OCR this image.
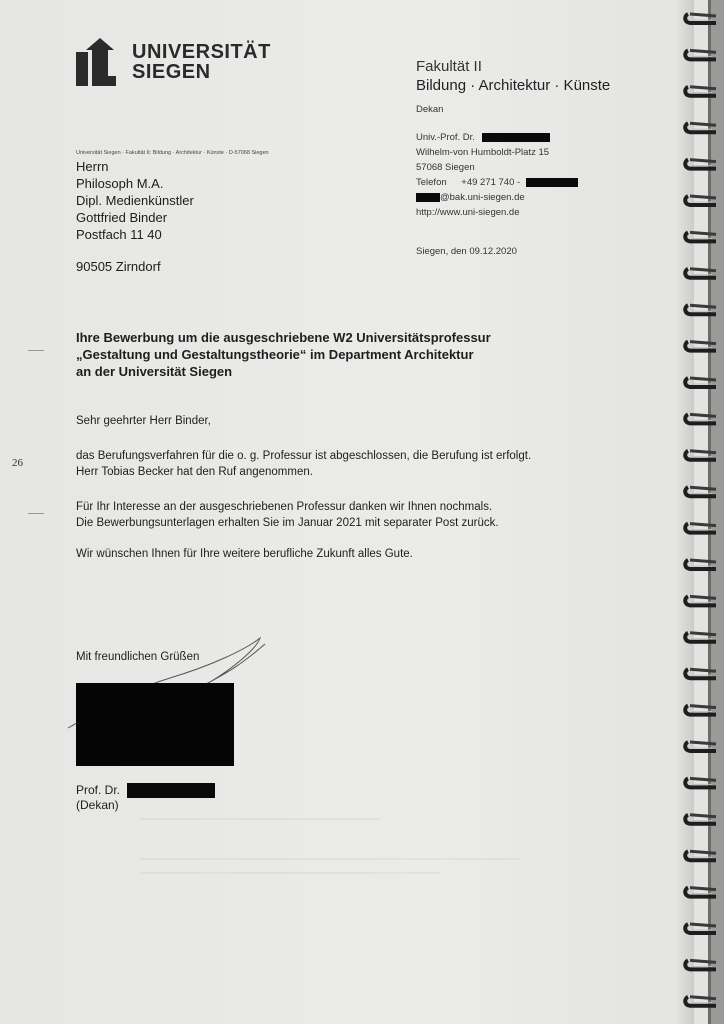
UNIVERSITÄT
SIEGEN	Fakultät II
Bildung · Architektur · Künste
Dekan
Univ.-Prof. Dr.
Wilhelm-von Humboldt-Platz 15
57068 Siegen
Telefon +49 271 740 -
@bak.uni-siegen.de
http://www.uni-siegen.de
Universität Siegen · Fakultät II: Bildung · Architektur · Künste · D-57068 Siegen
Herrn
Philosoph M.A.
Dipl. Medienkünstler
Gottfried Binder
Postfach 11 40
90505 Zirndorf
Siegen, den 09.12.2020
Ihre Bewerbung um die ausgeschriebene W2 Universitätsprofessur
„Gestaltung und Gestaltungstheorie“ im Department Architektur
an der Universität Siegen
Sehr geehrter Herr Binder,
das Berufungsverfahren für die o. g. Professur ist abgeschlossen, die Berufung ist erfolgt.
Herr Tobias Becker hat den Ruf angenommen.
Für Ihr Interesse an der ausgeschriebenen Professur danken wir Ihnen nochmals.
Die Bewerbungsunterlagen erhalten Sie im Januar 2021 mit separater Post zurück.
Wir wünschen Ihnen für Ihre weitere berufliche Zukunft alles Gute.
Mit freundlichen Grüßen
Prof. Dr.
(Dekan)
26
